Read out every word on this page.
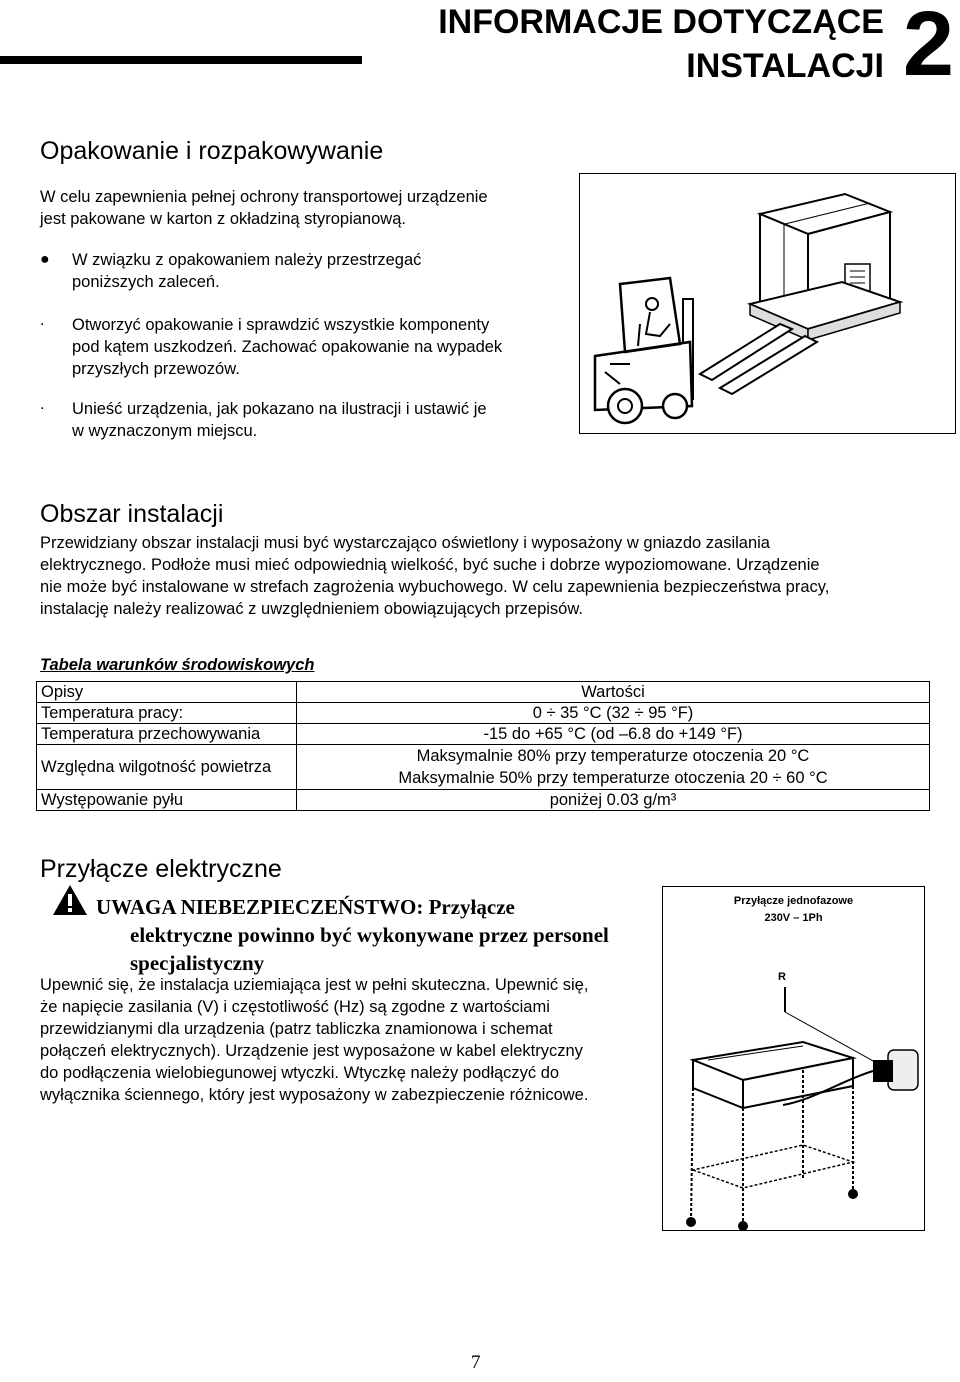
INFORMACJE DOTYCZĄCE
INSTALACJI 2
Opakowanie i rozpakowywanie
W celu zapewnienia pełnej ochrony transportowej urządzenie
jest pakowane w karton z okładziną styropianową.
● W związku z opakowaniem należy przestrzegać
poniższych zaleceń.
. Otworzyć opakowanie i sprawdzić wszystkie komponenty
pod kątem uszkodzeń. Zachować opakowanie na wypadek
przyszłych przewozów.
. Unieść urządzenia, jak pokazano na ilustracji i ustawić je
w wyznaczonym miejscu.
Obszar instalacji
Przewidziany obszar instalacji musi być wystarczająco oświetlony i wyposażony w gniazdo zasilania
elektrycznego. Podłoże musi mieć odpowiednią wielkość, być suche i dobrze wypoziomowane. Urządzenie
nie może być instalowane w strefach zagrożenia wybuchowego. W celu zapewnienia bezpieczeństwa pracy,
instalację należy realizować z uwzględnieniem obowiązujących przepisów.
Tabela warunków środowiskowych
Opisy	Wartości
Temperatura pracy:	0 ÷ 35 °C (32 ÷ 95 °F)
Temperatura przechowywania	-15 do +65 °C (od –6.8 do +149 °F)
Względna wilgotność powietrza	Maksymalnie 80% przy temperaturze otoczenia 20 °C
Maksymalnie 50% przy temperaturze otoczenia 20 ÷ 60 °C

Występowanie pyłu	poniżej 0.03 g/m³
Przyłącze elektryczne
UWAGA NIEBEZPIECZEŃSTWO: Przyłącze
elektryczne powinno być wykonywane przez personel
specjalistyczny
Upewnić się, że instalacja uziemiająca jest w pełni skuteczna. Upewnić się,
że napięcie zasilania (V) i częstotliwość (Hz) są zgodne z wartościami
przewidzianymi dla urządzenia (patrz tabliczka znamionowa i schemat
połączeń elektrycznych). Urządzenie jest wyposażone w kabel elektryczny
do podłączenia wielobiegunowej wtyczki. Wtyczkę należy podłączyć do
wyłącznika ściennego, który jest wyposażony w zabezpieczenie różnicowe.
Przyłącze jednofazowe
230V – 1Ph
R
7
